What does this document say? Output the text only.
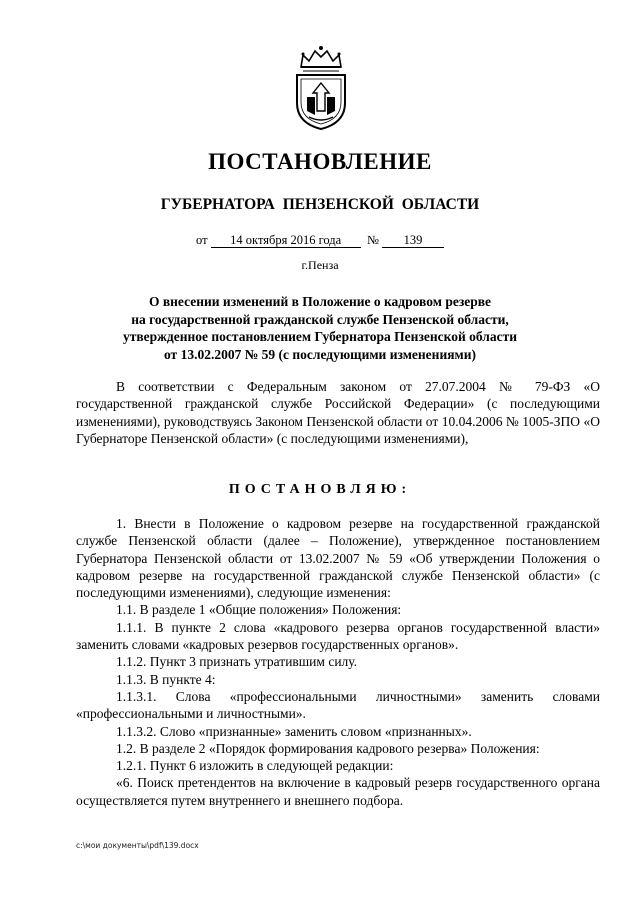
ПОСТАНОВЛЕНИЕ
ГУБЕРНАТОРА ПЕНЗЕНСКОЙ ОБЛАСТИ
от 14 октября 2016 года № 139
г.Пенза
О внесении изменений в Положение о кадровом резерве
на государственной гражданской службе Пензенской области,
утвержденное постановлением Губернатора Пензенской области
от 13.02.2007 № 59 (с последующими изменениями)

В соответствии с Федеральным законом от 27.07.2004 № 79-ФЗ «О государственной гражданской службе Российской Федерации» (с последующими изменениями), руководствуясь Законом Пензенской области от 10.04.2006 № 1005-ЗПО «О Губернаторе Пензенской области» (с последующими изменениями),

ПОСТАНОВЛЯЮ:

1. Внести в Положение о кадровом резерве на государственной гражданской службе Пензенской области (далее – Положение), утвержденное постановлением Губернатора Пензенской области от 13.02.2007 № 59 «Об утверждении Положения о кадровом резерве на государственной гражданской службе Пензенской области» (с последующими изменениями), следующие изменения:

1.1. В разделе 1 «Общие положения» Положения:

1.1.1. В пункте 2 слова «кадрового резерва органов государственной власти» заменить словами «кадровых резервов государственных органов».

1.1.2. Пункт 3 признать утратившим силу.

1.1.3. В пункте 4:

1.1.3.1. Слова «профессиональными личностными» заменить словами «профессиональными и личностными».

1.1.3.2. Слово «признанные» заменить словом «признанных».

1.2. В разделе 2 «Порядок формирования кадрового резерва» Положения:

1.2.1. Пункт 6 изложить в следующей редакции:

«6. Поиск претендентов на включение в кадровый резерв государственного органа осуществляется путем внутреннего и внешнего подбора.

c:\мои документы\pdf\139.docx
